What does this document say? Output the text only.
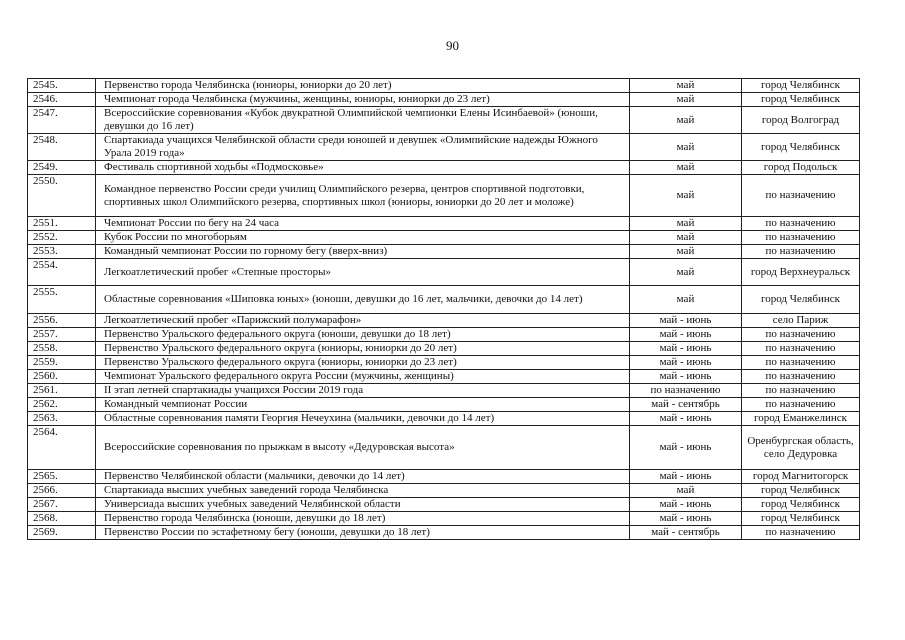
90
2545.	Первенство города Челябинска (юниоры, юниорки до 20 лет)	май	город Челябинск
2546.	Чемпионат города Челябинска (мужчины, женщины, юниоры, юниорки до 23 лет)	май	город Челябинск
2547.	Всероссийские соревнования «Кубок двукратной Олимпийской чемпионки Елены Исинбаевой» (юноши, девушки до 16 лет)	май	город Волгоград
2548.	Спартакиада учащихся Челябинской области среди юношей и девушек «Олимпийские надежды Южного Урала 2019 года»	май	город Челябинск
2549.	Фестиваль спортивной ходьбы «Подмосковье»	май	город Подольск
2550.	Командное первенство России среди училищ Олимпийского резерва, центров спортивной подготовки, спортивных школ Олимпийского резерва, спортивных школ (юниоры, юниорки до 20 лет и моложе)	май	по назначению
2551.	Чемпионат России по бегу на 24 часа	май	по назначению
2552.	Кубок России по многоборьям	май	по назначению
2553.	Командный чемпионат России по горному бегу (вверх-вниз)	май	по назначению
2554.	Легкоатлетический пробег «Степные просторы»	май	город Верхнеуральск
2555.	Областные соревнования «Шиповка юных» (юноши, девушки до 16 лет, мальчики, девочки до 14 лет)	май	город Челябинск
2556.	Легкоатлетический пробег «Парижский полумарафон»	май - июнь	село Париж
2557.	Первенство Уральского федерального округа (юноши, девушки до 18 лет)	май - июнь	по назначению
2558.	Первенство Уральского федерального округа (юниоры, юниорки до 20 лет)	май - июнь	по назначению
2559.	Первенство Уральского федерального округа (юниоры, юниорки до 23 лет)	май - июнь	по назначению
2560.	Чемпионат Уральского федерального округа России (мужчины, женщины)	май - июнь	по назначению
2561.	II этап летней спартакиады учащихся России 2019 года	по назначению	по назначению
2562.	Командный чемпионат России	май - сентябрь	по назначению
2563.	Областные соревнования памяти Георгия Нечеухина (мальчики, девочки до 14 лет)	май - июнь	город Еманжелинск
2564.	Всероссийские соревнования по прыжкам в высоту «Дедуровская высота»	май - июнь	Оренбургская область, село Дедуровка
2565.	Первенство Челябинской области (мальчики, девочки до 14 лет)	май - июнь	город Магнитогорск
2566.	Спартакиада высших учебных заведений города Челябинска	май	город Челябинск
2567.	Универсиада высших учебных заведений Челябинской области	май - июнь	город Челябинск
2568.	Первенство города Челябинска (юноши, девушки до 18 лет)	май - июнь	город Челябинск
2569.	Первенство России по эстафетному бегу (юноши, девушки до 18 лет)	май - сентябрь	по назначению
